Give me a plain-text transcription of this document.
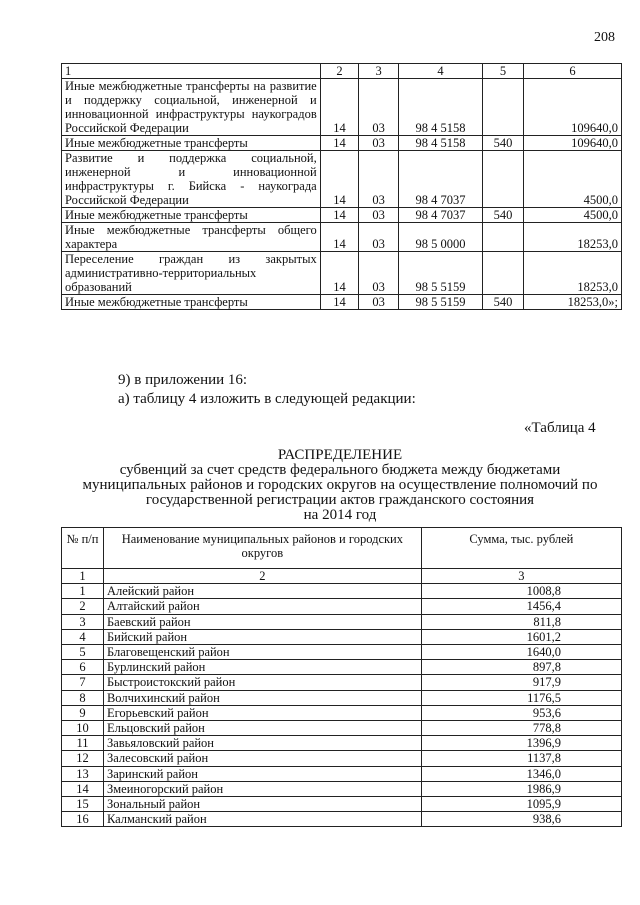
208
1	2	3	4	5	6
Иные межбюджетные трансферты на развитие и поддержку социальной, инженерной и инновационной инфраструктуры наукоградов Российской Федерации	14	03	98 4 5158		109640,0
Иные межбюджетные трансферты	14	03	98 4 5158	540	109640,0
Развитие и поддержка социальной, инженерной и инновационной инфраструктуры г. Бийска - наукограда Российской Федерации	14	03	98 4 7037		4500,0
Иные межбюджетные трансферты	14	03	98 4 7037	540	4500,0
Иные межбюджетные трансферты общего характера	14	03	98 5 0000		18253,0
Переселение граждан из закрытых административно-территориальных образований	14	03	98 5 5159		18253,0
Иные межбюджетные трансферты	14	03	98 5 5159	540	18253,0»;
9) в приложении 16:
а) таблицу 4 изложить в следующей редакции:
«Таблица 4
РАСПРЕДЕЛЕНИЕ
субвенций за счет средств федерального бюджета между бюджетами
муниципальных районов и городских округов на осуществление полномочий по
государственной регистрации актов гражданского состояния
на 2014 год
№ п/п	Наименование муниципальных районов и городских округов	Сумма, тыс. рублей
1	2	3
1	Алейский район	1008,8
2	Алтайский район	1456,4
3	Баевский район	811,8
4	Бийский район	1601,2
5	Благовещенский район	1640,0
6	Бурлинский район	897,8
7	Быстроистокский район	917,9
8	Волчихинский район	1176,5
9	Егорьевский район	953,6
10	Ельцовский район	778,8
11	Завьяловский район	1396,9
12	Залесовский район	1137,8
13	Заринский район	1346,0
14	Змеиногорский район	1986,9
15	Зональный район	1095,9
16	Калманский район	938,6
